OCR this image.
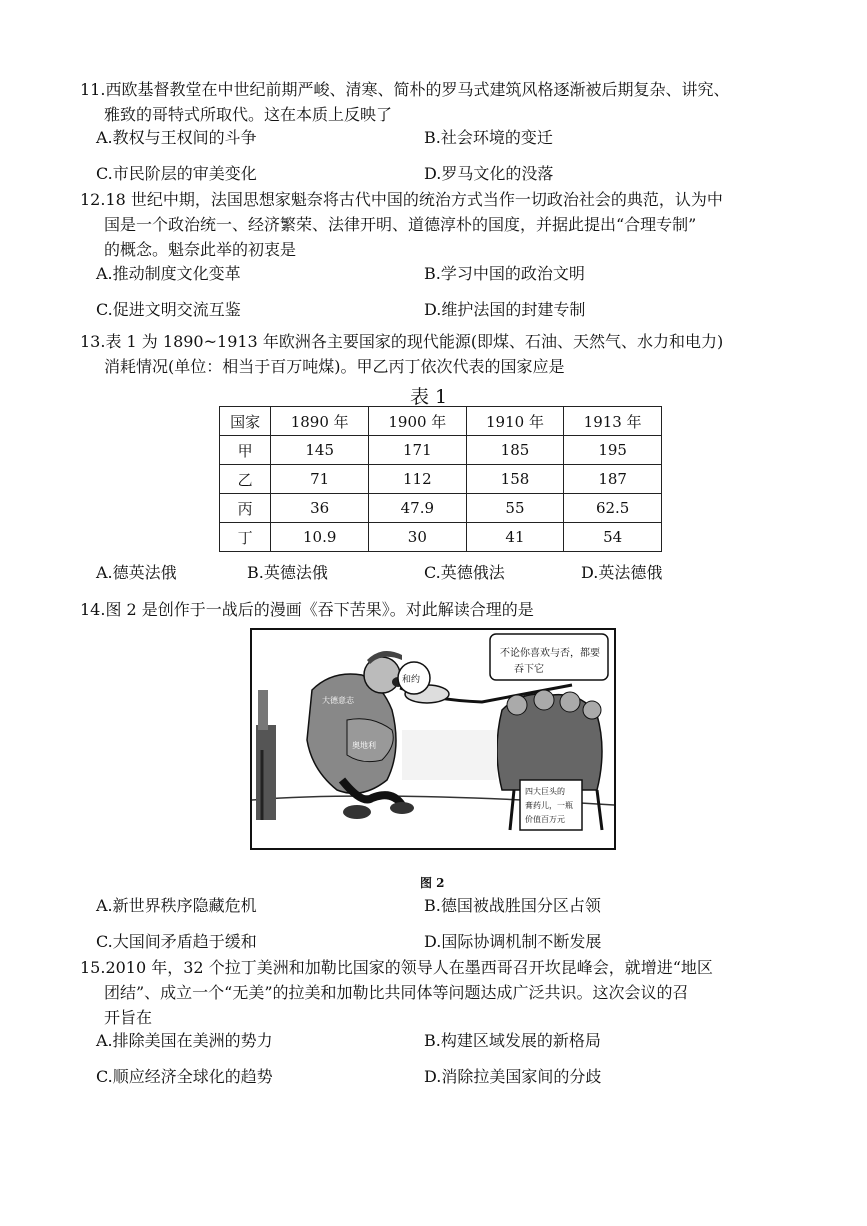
11.西欧基督教堂在中世纪前期严峻、清寒、简朴的罗马式建筑风格逐渐被后期复杂、讲究、
雅致的哥特式所取代。这在本质上反映了
A.教权与王权间的斗争	B.社会环境的变迁
C.市民阶层的审美变化	D.罗马文化的没落
12.18 世纪中期，法国思想家魁奈将古代中国的统治方式当作一切政治社会的典范，认为中
国是一个政治统一、经济繁荣、法律开明、道德淳朴的国度，并据此提出“合理专制”
的概念。魁奈此举的初衷是
A.推动制度文化变革	B.学习中国的政治文明
C.促进文明交流互鉴	D.维护法国的封建专制
13.表 1 为 1890~1913 年欧洲各主要国家的现代能源(即煤、石油、天然气、水力和电力)
消耗情况(单位：相当于百万吨煤)。甲乙丙丁依次代表的国家应是
表 1
国家	1890 年	1900 年	1910 年	1913 年
甲	145	171	185	195
乙	71	112	158	187
丙	36	47.9	55	62.5
丁	10.9	30	41	54
A.德英法俄	B.英德法俄	C.英德俄法	D.英法德俄
14.图 2 是创作于一战后的漫画《吞下苦果》。对此解读合理的是
不论你喜欢与否，都要
吞下它
和约
大德意志
奥地利
四大巨头的
膏药儿，一瓶
价值百万元
图 2
A.新世界秩序隐藏危机	B.德国被战胜国分区占领
C.大国间矛盾趋于缓和	D.国际协调机制不断发展
15.2010 年，32 个拉丁美洲和加勒比国家的领导人在墨西哥召开坎昆峰会，就增进“地区
团结”、成立一个“无美”的拉美和加勒比共同体等问题达成广泛共识。这次会议的召
开旨在
A.排除美国在美洲的势力	B.构建区域发展的新格局
C.顺应经济全球化的趋势	D.消除拉美国家间的分歧
